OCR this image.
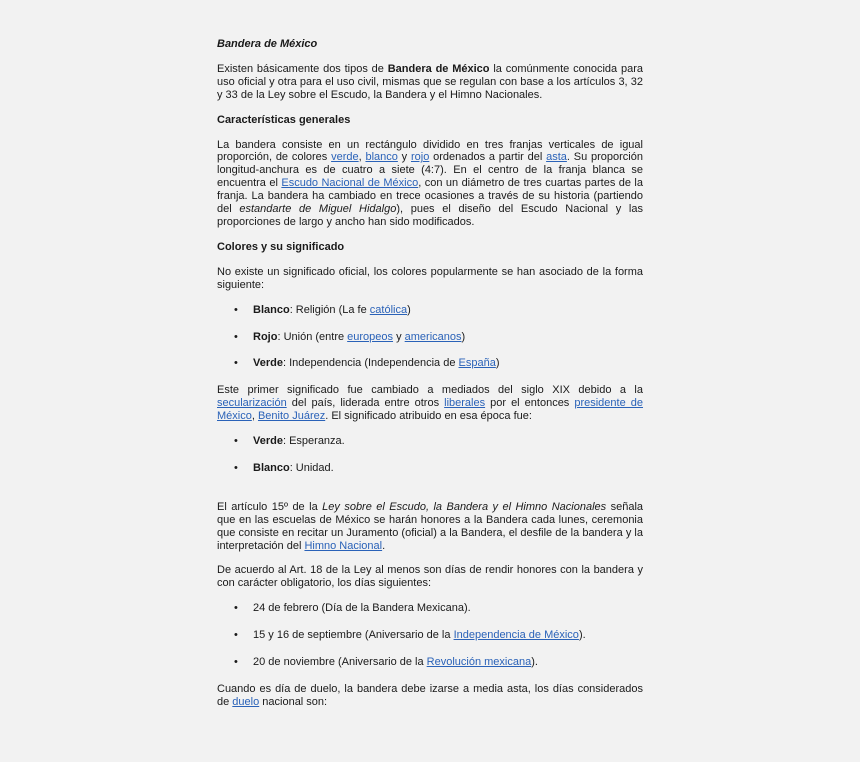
Bandera de México

Existen básicamente dos tipos de Bandera de México la comúnmente conocida para uso oficial y otra para el uso civil, mismas que se regulan con base a los artículos 3, 32 y 33 de la Ley sobre el Escudo, la Bandera y el Himno Nacionales.

Características generales

La bandera consiste en un rectángulo dividido en tres franjas verticales de igual proporción, de colores verde, blanco y rojo ordenados a partir del asta. Su proporción longitud-anchura es de cuatro a siete (4:7). En el centro de la franja blanca se encuentra el Escudo Nacional de México, con un diámetro de tres cuartas partes de la franja. La bandera ha cambiado en trece ocasiones a través de su historia (partiendo del estandarte de Miguel Hidalgo), pues el diseño del Escudo Nacional y las proporciones de largo y ancho han sido modificados.

Colores y su significado

No existe un significado oficial, los colores popularmente se han asociado de la forma siguiente:

• Blanco: Religión (La fe católica)
• Rojo: Unión (entre europeos y americanos)
• Verde: Independencia (Independencia de España)

Este primer significado fue cambiado a mediados del siglo XIX debido a la secularización del país, liderada entre otros liberales por el entonces presidente de México, Benito Juárez. El significado atribuido en esa época fue:

• Verde: Esperanza.
• Blanco: Unidad.

El artículo 15º de la Ley sobre el Escudo, la Bandera y el Himno Nacionales señala que en las escuelas de México se harán honores a la Bandera cada lunes, ceremonia que consiste en recitar un Juramento (oficial) a la Bandera, el desfile de la bandera y la interpretación del Himno Nacional.

De acuerdo al Art. 18 de la Ley al menos son días de rendir honores con la bandera y con carácter obligatorio, los días siguientes:

• 24 de febrero (Día de la Bandera Mexicana).
• 15 y 16 de septiembre (Aniversario de la Independencia de México).
• 20 de noviembre (Aniversario de la Revolución mexicana).

Cuando es día de duelo, la bandera debe izarse a media asta, los días considerados de duelo nacional son:
